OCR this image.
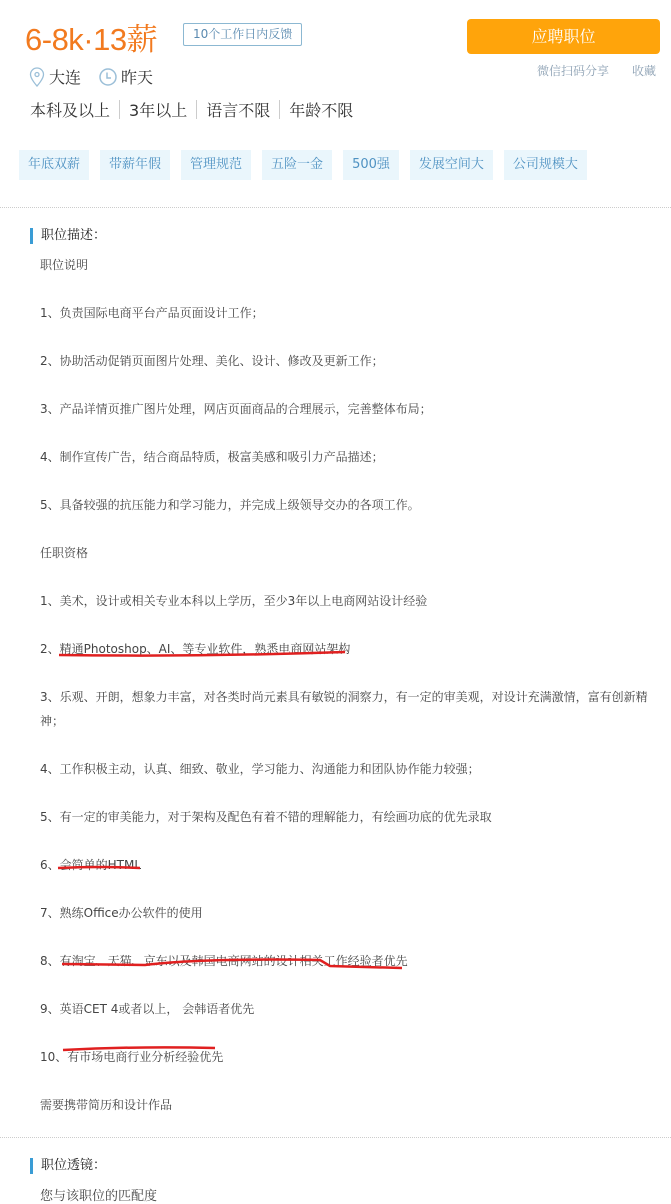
6-8k·13薪	10个工作日内反馈	应聘职位
微信扫码分享 收藏
大连	昨天
本科及以上 3年以上 语言不限 年龄不限
年底双薪	带薪年假	管理规范	五险一金	500强	发展空间大	公司规模大
职位描述：

职位说明

1、负责国际电商平台产品页面设计工作；

2、协助活动促销页面图片处理、美化、设计、修改及更新工作；

3、产品详情页推广图片处理，网店页面商品的合理展示，完善整体布局；

4、制作宣传广告，结合商品特质，极富美感和吸引力产品描述；

5、具备较强的抗压能力和学习能力，并完成上级领导交办的各项工作。

任职资格

1、美术，设计或相关专业本科以上学历，至少3年以上电商网站设计经验

2、精通Photoshop、AI、等专业软件，熟悉电商网站架构

3、乐观、开朗，想象力丰富，对各类时尚元素具有敏锐的洞察力，有一定的审美观，对设计充满激情，富有创新精神；

4、工作积极主动，认真、细致、敬业，学习能力、沟通能力和团队协作能力较强；

5、有一定的审美能力，对于架构及配色有着不错的理解能力，有绘画功底的优先录取

6、会简单的HTML

7、熟练Office办公软件的使用

8、有淘宝、天猫、京东以及韩国电商网站的设计相关工作经验者优先

9、英语CET 4或者以上， 会韩语者优先

10、有市场电商行业分析经验优先

需要携带简历和设计作品

职位透镜：
您与该职位的匹配度
